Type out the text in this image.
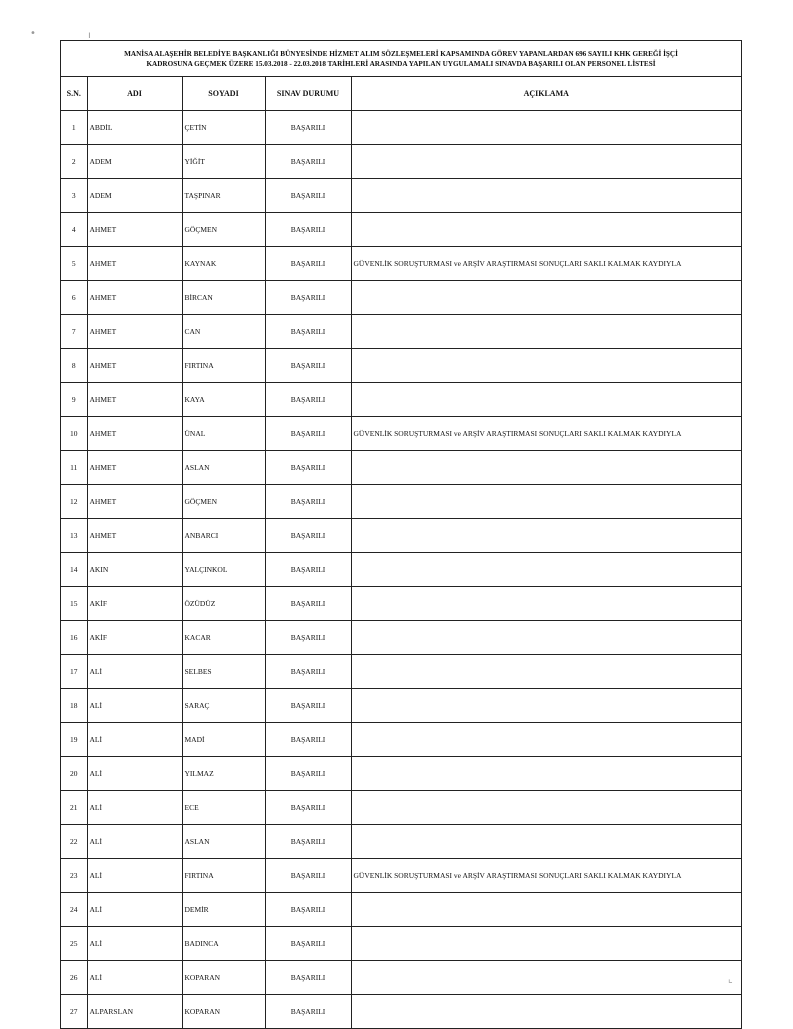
•	ı
⌞
MANİSA ALAŞEHİR BELEDİYE BAŞKANLIĞI BÜNYESİNDE HİZMET ALIM SÖZLEŞMELERİ KAPSAMINDA GÖREV YAPANLARDAN 696 SAYILI KHK GEREĞİ İŞÇİ
KADROSUNA GEÇMEK ÜZERE 15.03.2018 - 22.03.2018 TARİHLERİ ARASINDA YAPILAN UYGULAMALI SINAVDA BAŞARILI OLAN PERSONEL LİSTESİ
S.N.	ADI	SOYADI	SINAV DURUMU	AÇIKLAMA
1	ABDİL	ÇETİN	BAŞARILI	
2	ADEM	YİĞİT	BAŞARILI	
3	ADEM	TAŞPINAR	BAŞARILI	
4	AHMET	GÖÇMEN	BAŞARILI	
5	AHMET	KAYNAK	BAŞARILI	GÜVENLİK SORUŞTURMASI ve ARŞİV ARAŞTIRMASI SONUÇLARI SAKLI KALMAK KAYDIYLA
6	AHMET	BİRCAN	BAŞARILI	
7	AHMET	CAN	BAŞARILI	
8	AHMET	FIRTINA	BAŞARILI	
9	AHMET	KAYA	BAŞARILI	
10	AHMET	ÜNAL	BAŞARILI	GÜVENLİK SORUŞTURMASI ve ARŞİV ARAŞTIRMASI SONUÇLARI SAKLI KALMAK KAYDIYLA
11	AHMET	ASLAN	BAŞARILI	
12	AHMET	GÖÇMEN	BAŞARILI	
13	AHMET	ANBARCI	BAŞARILI	
14	AKIN	YALÇINKOL	BAŞARILI	
15	AKİF	ÖZÜDÜZ	BAŞARILI	
16	AKİF	KACAR	BAŞARILI	
17	ALİ	SELBES	BAŞARILI	
18	ALİ	SARAÇ	BAŞARILI	
19	ALİ	MADİ	BAŞARILI	
20	ALİ	YILMAZ	BAŞARILI	
21	ALİ	ECE	BAŞARILI	
22	ALİ	ASLAN	BAŞARILI	
23	ALİ	FIRTINA	BAŞARILI	GÜVENLİK SORUŞTURMASI ve ARŞİV ARAŞTIRMASI SONUÇLARI SAKLI KALMAK KAYDIYLA
24	ALİ	DEMİR	BAŞARILI	
25	ALİ	BADINCA	BAŞARILI	
26	ALİ	KOPARAN	BAŞARILI	
27	ALPARSLAN	KOPARAN	BAŞARILI	
